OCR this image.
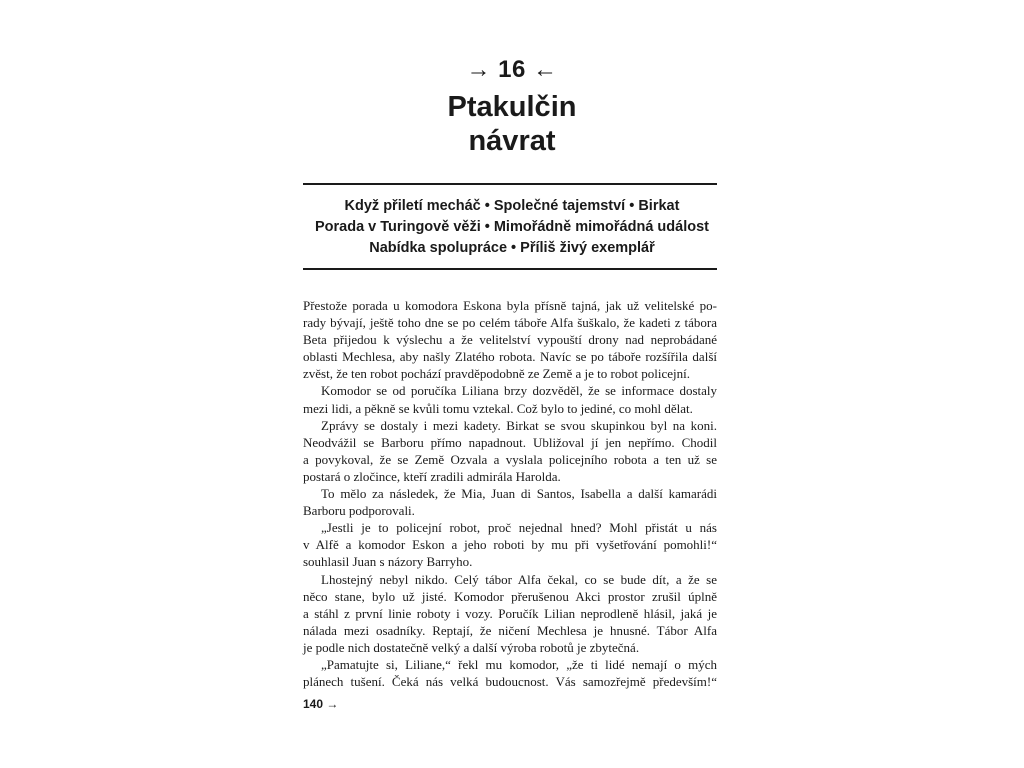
→ 16 ←
Ptakulčin
návrat
Když přiletí mecháč • Společné tajemství • Birkat
Porada v Turingově věži • Mimořádně mimořádná událost
Nabídka spolupráce • Příliš živý exemplář
Přestože porada u komodora Eskona byla přísně tajná, jak už velitelské po-
rady bývají, ještě toho dne se po celém táboře Alfa šuškalo, že kadeti z tábora
Beta přijedou k výslechu a že velitelství vypouští drony nad neprobádané
oblasti Mechlesa, aby našly Zlatého robota. Navíc se po táboře rozšířila další
zvěst, že ten robot pochází pravděpodobně ze Země a je to robot policejní.
Komodor se od poručíka Liliana brzy dozvěděl, že se informace dostaly
mezi lidi, a pěkně se kvůli tomu vztekal. Což bylo to jediné, co mohl dělat.
Zprávy se dostaly i mezi kadety. Birkat se svou skupinkou byl na koni.
Neodvážil se Barboru přímo napadnout. Ubližoval jí jen nepřímo. Chodil
a povykoval, že se Země Ozvala a vyslala policejního robota a ten už se
postará o zločince, kteří zradili admirála Harolda.
To mělo za následek, že Mia, Juan di Santos, Isabella a další kamarádi
Barboru podporovali.
„Jestli je to policejní robot, proč nejednal hned? Mohl přistát u nás
v Alfě a komodor Eskon a jeho roboti by mu při vyšetřování pomohli!“
souhlasil Juan s názory Barryho.
Lhostejný nebyl nikdo. Celý tábor Alfa čekal, co se bude dít, a že se
něco stane, bylo už jisté. Komodor přerušenou Akci prostor zrušil úplně
a stáhl z první linie roboty i vozy. Poručík Lilian neprodleně hlásil, jaká je
nálada mezi osadníky. Reptají, že ničení Mechlesa je hnusné. Tábor Alfa
je podle nich dostatečně velký a další výroba robotů je zbytečná.
„Pamatujte si, Liliane,“ řekl mu komodor, „že ti lidé nemají o mých
plánech tušení. Čeká nás velká budoucnost. Vás samozřejmě především!“
140 →
